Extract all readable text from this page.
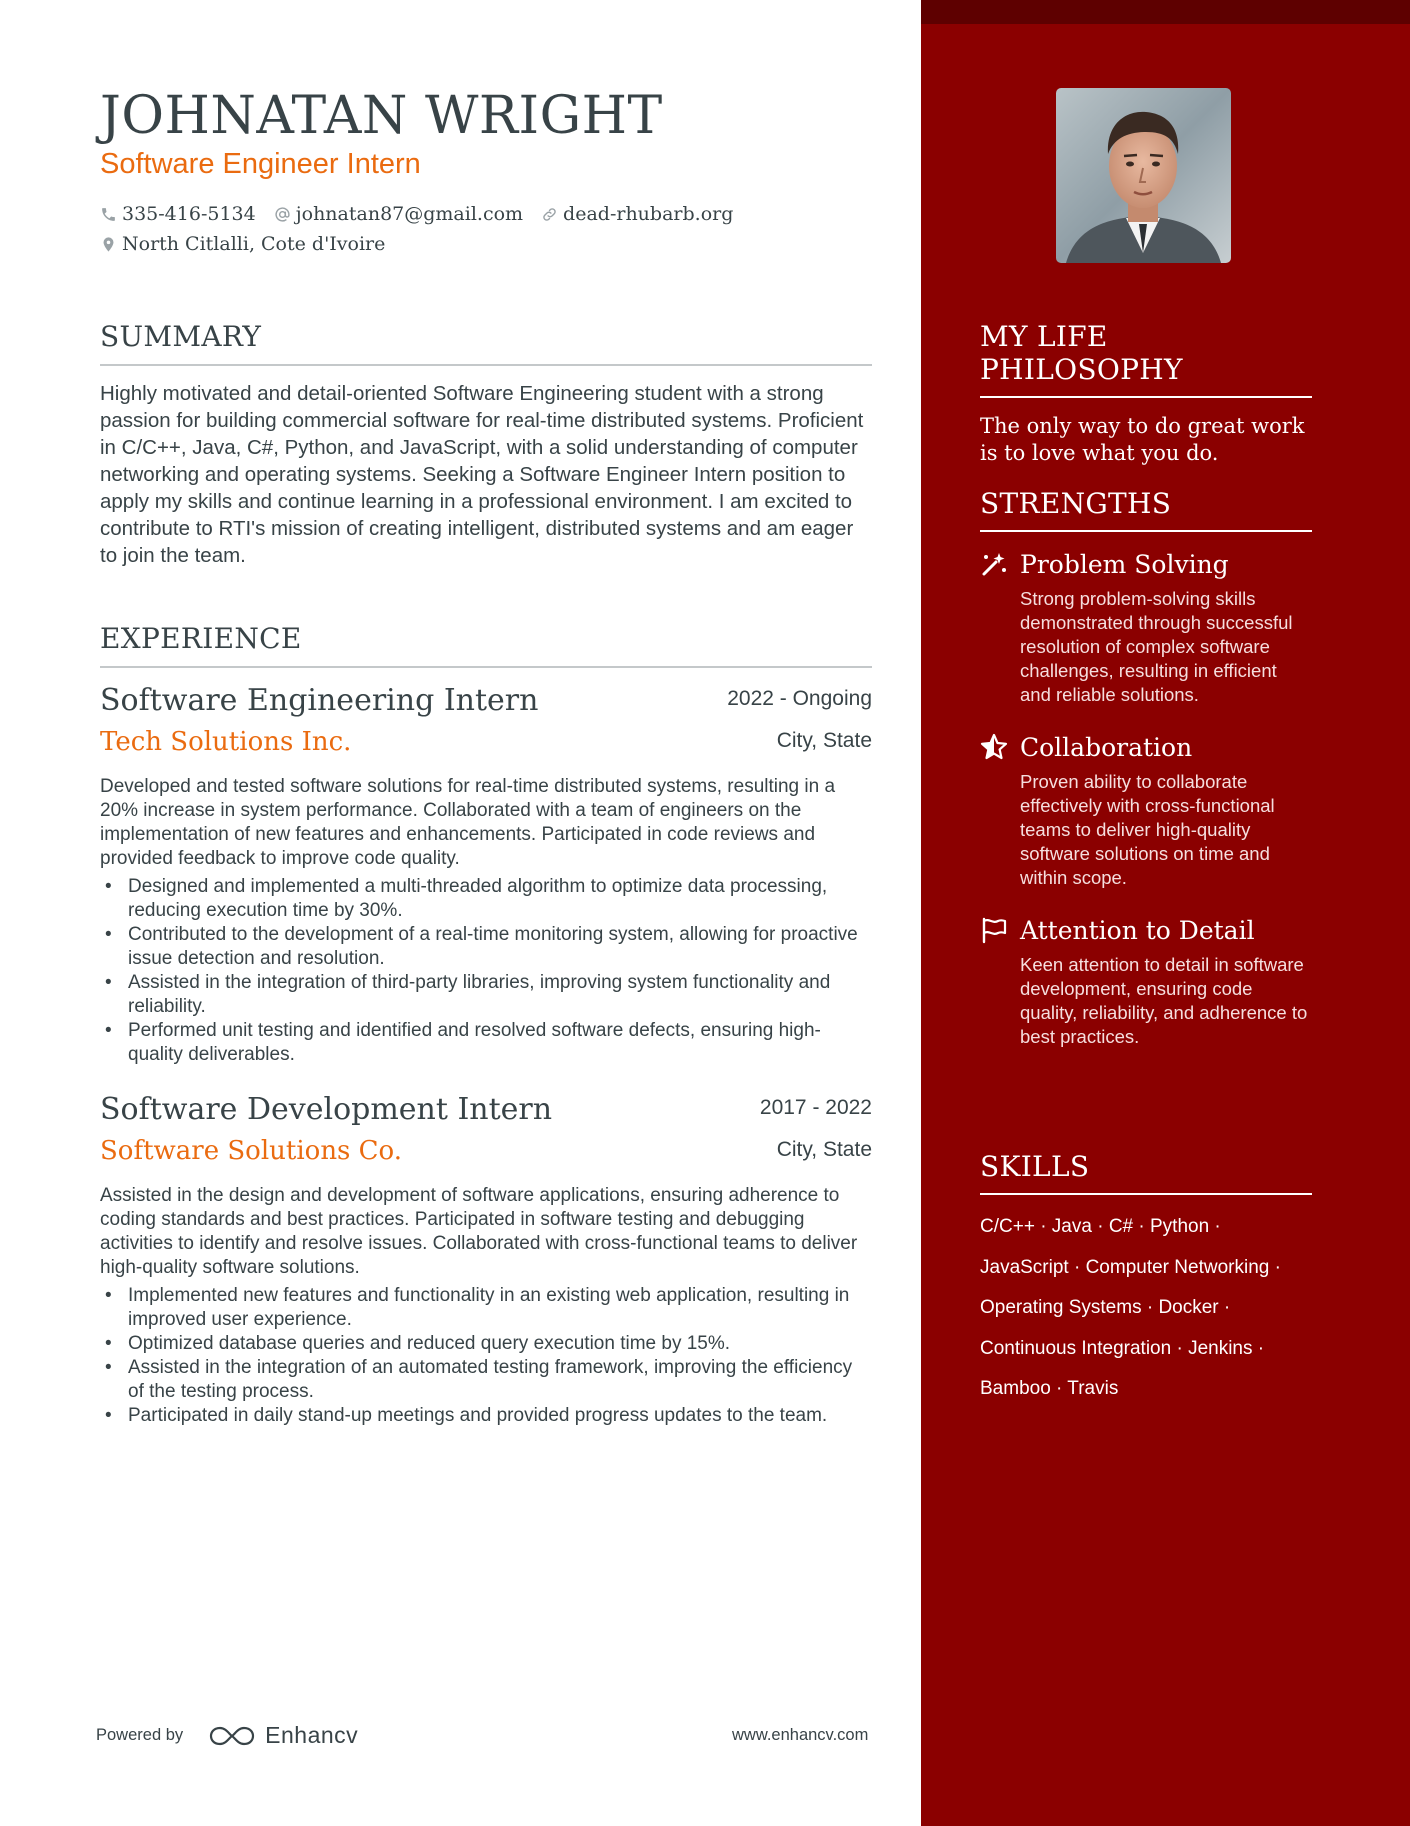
JOHNATAN WRIGHT
Software Engineer Intern
335-416-5134 johnatan87@gmail.com dead-rhubarb.org
North Citlalli, Cote d'Ivoire
SUMMARY
Highly motivated and detail-oriented Software Engineering student with a strong passion for building commercial software for real-time distributed systems. Proficient in C/C++, Java, C#, Python, and JavaScript, with a solid understanding of computer networking and operating systems. Seeking a Software Engineer Intern position to apply my skills and continue learning in a professional environment. I am excited to contribute to RTI's mission of creating intelligent, distributed systems and am eager to join the team.
EXPERIENCE
Software Engineering Intern	2022 - Ongoing
Tech Solutions Inc.	City, State
Developed and tested software solutions for real-time distributed systems, resulting in a 20% increase in system performance. Collaborated with a team of engineers on the implementation of new features and enhancements. Participated in code reviews and provided feedback to improve code quality.
• Designed and implemented a multi-threaded algorithm to optimize data processing, reducing execution time by 30%.
• Contributed to the development of a real-time monitoring system, allowing for proactive issue detection and resolution.
• Assisted in the integration of third-party libraries, improving system functionality and reliability.
• Performed unit testing and identified and resolved software defects, ensuring high-quality deliverables.
Software Development Intern	2017 - 2022
Software Solutions Co.	City, State
Assisted in the design and development of software applications, ensuring adherence to coding standards and best practices. Participated in software testing and debugging activities to identify and resolve issues. Collaborated with cross-functional teams to deliver high-quality software solutions.
• Implemented new features and functionality in an existing web application, resulting in improved user experience.
• Optimized database queries and reduced query execution time by 15%.
• Assisted in the integration of an automated testing framework, improving the efficiency of the testing process.
• Participated in daily stand-up meetings and provided progress updates to the team.
Powered by	Enhancv	www.enhancv.com
MY LIFE PHILOSOPHY
The only way to do great work is to love what you do.
STRENGTHS
Problem Solving
Strong problem-solving skills demonstrated through successful resolution of complex software challenges, resulting in efficient and reliable solutions.
Collaboration
Proven ability to collaborate effectively with cross-functional teams to deliver high-quality software solutions on time and within scope.
Attention to Detail
Keen attention to detail in software development, ensuring code quality, reliability, and adherence to best practices.
SKILLS
C/C++ · Java · C# · Python ·
JavaScript · Computer Networking ·
Operating Systems · Docker ·
Continuous Integration · Jenkins ·
Bamboo · Travis
